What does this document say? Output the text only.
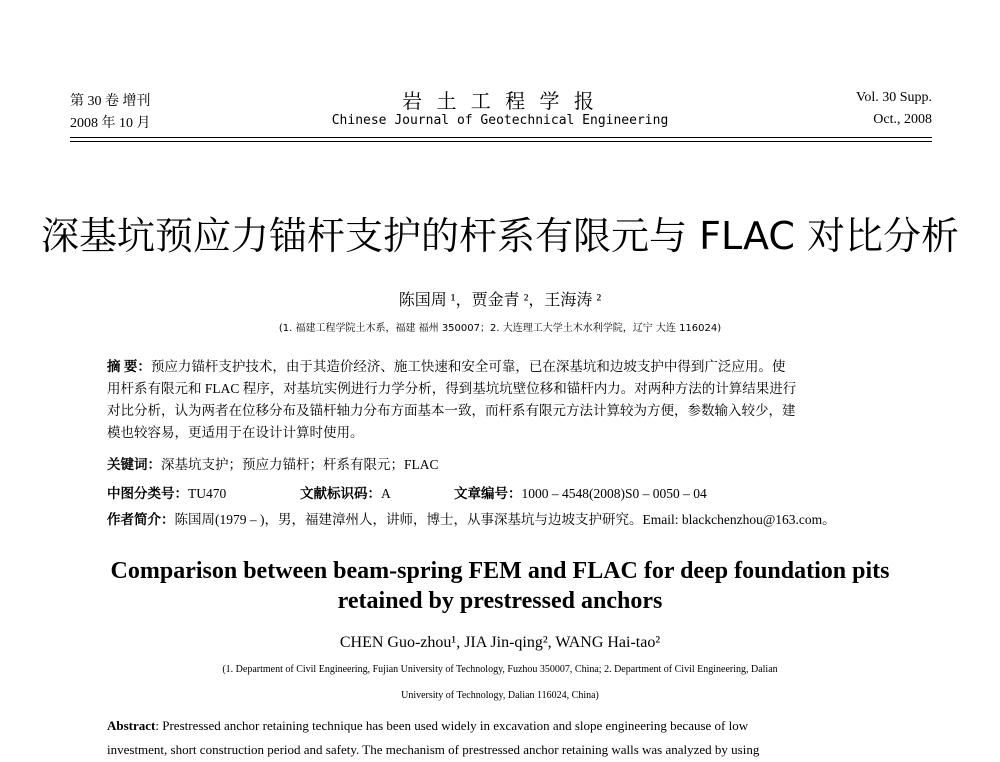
第 30 卷 增刊
2008 年 10 月
岩 土 工 程 学 报
Chinese Journal of Geotechnical Engineering
Vol. 30 Supp.
Oct., 2008
深基坑预应力锚杆支护的杆系有限元与 FLAC 对比分析
陈国周 ¹，贾金青 ²，王海涛 ²
(1. 福建工程学院土木系，福建 福州 350007；2. 大连理工大学土木水利学院，辽宁 大连 116024)
摘 要：预应力锚杆支护技术，由于其造价经济、施工快速和安全可靠，已在深基坑和边坡支护中得到广泛应用。使
用杆系有限元和 FLAC 程序，对基坑实例进行力学分析，得到基坑坑壁位移和锚杆内力。对两种方法的计算结果进行
对比分析，认为两者在位移分布及锚杆轴力分布方面基本一致，而杆系有限元方法计算较为方便，参数输入较少，建
模也较容易，更适用于在设计计算时使用。
关键词：深基坑支护；预应力锚杆；杆系有限元；FLAC
中图分类号：TU470	文献标识码：A	文章编号：1000 – 4548(2008)S0 – 0050 – 04
作者简介：陈国周(1979 – )，男，福建漳州人，讲师，博士，从事深基坑与边坡支护研究。Email: blackchenzhou@163.com。
Comparison between beam-spring FEM and FLAC for deep foundation pits
retained by prestressed anchors
CHEN Guo-zhou¹, JIA Jin-qing², WANG Hai-tao²
(1. Department of Civil Engineering, Fujian University of Technology, Fuzhou 350007, China; 2. Department of Civil Engineering, Dalian
University of Technology, Dalian 116024, China)
Abstract: Prestressed anchor retaining technique has been used widely in excavation and slope engineering because of low
investment, short construction period and safety. The mechanism of prestressed anchor retaining walls was analyzed by using
